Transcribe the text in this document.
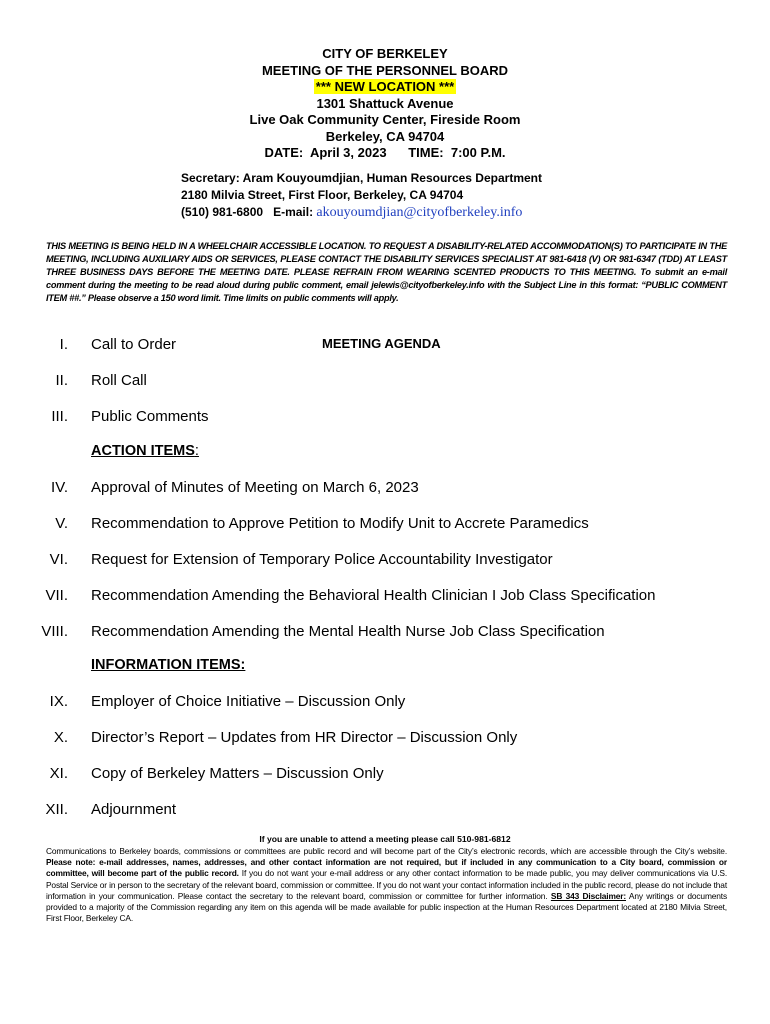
CITY OF BERKELEY
MEETING OF THE PERSONNEL BOARD
*** NEW LOCATION ***
1301 Shattuck Avenue
Live Oak Community Center, Fireside Room
Berkeley, CA 94704
DATE:  April 3, 2023      TIME:  7:00 P.M.
Secretary: Aram Kouyoumdjian, Human Resources Department
2180 Milvia Street, First Floor, Berkeley, CA 94704
(510) 981-6800   E-mail: akouyoumdjian@cityofberkeley.info
THIS MEETING IS BEING HELD IN A WHEELCHAIR ACCESSIBLE LOCATION. TO REQUEST A DISABILITY-RELATED ACCOMMODATION(S) TO PARTICIPATE IN THE MEETING, INCLUDING AUXILIARY AIDS OR SERVICES, PLEASE CONTACT THE DISABILITY SERVICES SPECIALIST AT 981-6418 (V) OR 981-6347 (TDD) AT LEAST THREE BUSINESS DAYS BEFORE THE MEETING DATE. PLEASE REFRAIN FROM WEARING SCENTED PRODUCTS TO THIS MEETING. To submit an e-mail comment during the meeting to be read aloud during public comment, email jelewis@cityofberkeley.info with the Subject Line in this format: “PUBLIC COMMENT ITEM ##.” Please observe a 150 word limit. Time limits on public comments will apply.
MEETING AGENDA
I. Call to Order
II. Roll Call
III. Public Comments
ACTION ITEMS:
IV. Approval of Minutes of Meeting on March 6, 2023
V. Recommendation to Approve Petition to Modify Unit to Accrete Paramedics
VI. Request for Extension of Temporary Police Accountability Investigator
VII. Recommendation Amending the Behavioral Health Clinician I Job Class Specification
VIII. Recommendation Amending the Mental Health Nurse Job Class Specification
INFORMATION ITEMS:
IX. Employer of Choice Initiative – Discussion Only
X. Director’s Report – Updates from HR Director – Discussion Only
XI. Copy of Berkeley Matters – Discussion Only
XII. Adjournment
If you are unable to attend a meeting please call 510-981-6812
Communications to Berkeley boards, commissions or committees are public record and will become part of the City’s electronic records, which are accessible through the City’s website. Please note: e-mail addresses, names, addresses, and other contact information are not required, but if included in any communication to a City board, commission or committee, will become part of the public record. If you do not want your e-mail address or any other contact information to be made public, you may deliver communications via U.S. Postal Service or in person to the secretary of the relevant board, commission or committee. If you do not want your contact information included in the public record, please do not include that information in your communication. Please contact the secretary to the relevant board, commission or committee for further information. SB 343 Disclaimer: Any writings or documents provided to a majority of the Commission regarding any item on this agenda will be made available for public inspection at the Human Resources Department located at 2180 Milvia Street, First Floor, Berkeley CA.
